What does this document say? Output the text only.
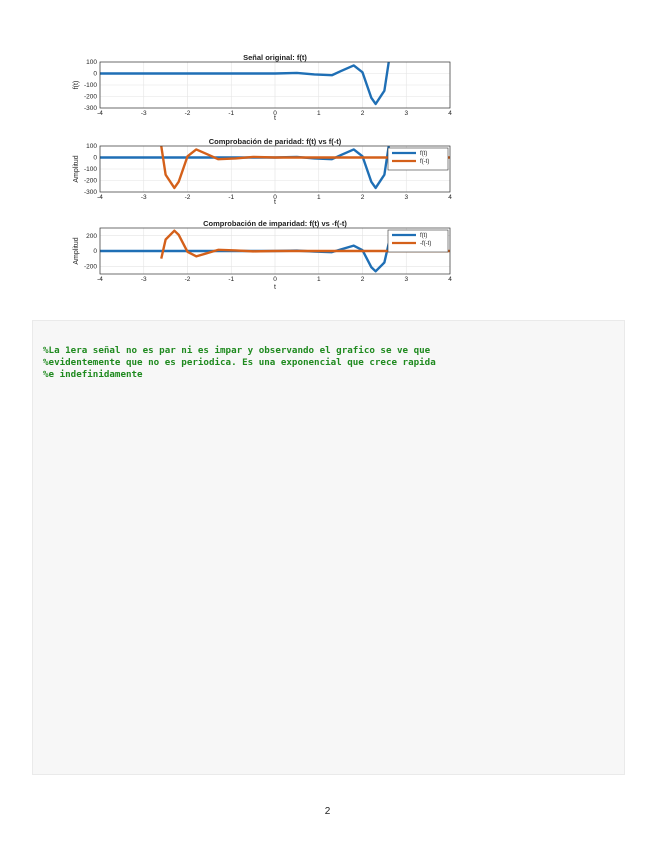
-4	-3	-2	-1	0	1	2	3	4
100
0
-100
-200
-300
Señal original: f(t)
t
f(t)
-4	-3	-2	-1	0	1	2	3	4
100
0
-100
-200
-300
Comprobación de paridad: f(t) vs f(-t)
t
Amplitud
f(t)
f(-t)
-4	-3	-2	-1	0	1	2	3	4
200
0
-200
Comprobación de imparidad: f(t) vs -f(-t)
t
Amplitud
f(t)
-f(-t)
%La 1era señal no es par ni es impar y observando el grafico se ve que
%evidentemente que no es periodica. Es una exponencial que crece rapida
%e indefinidamente
2
